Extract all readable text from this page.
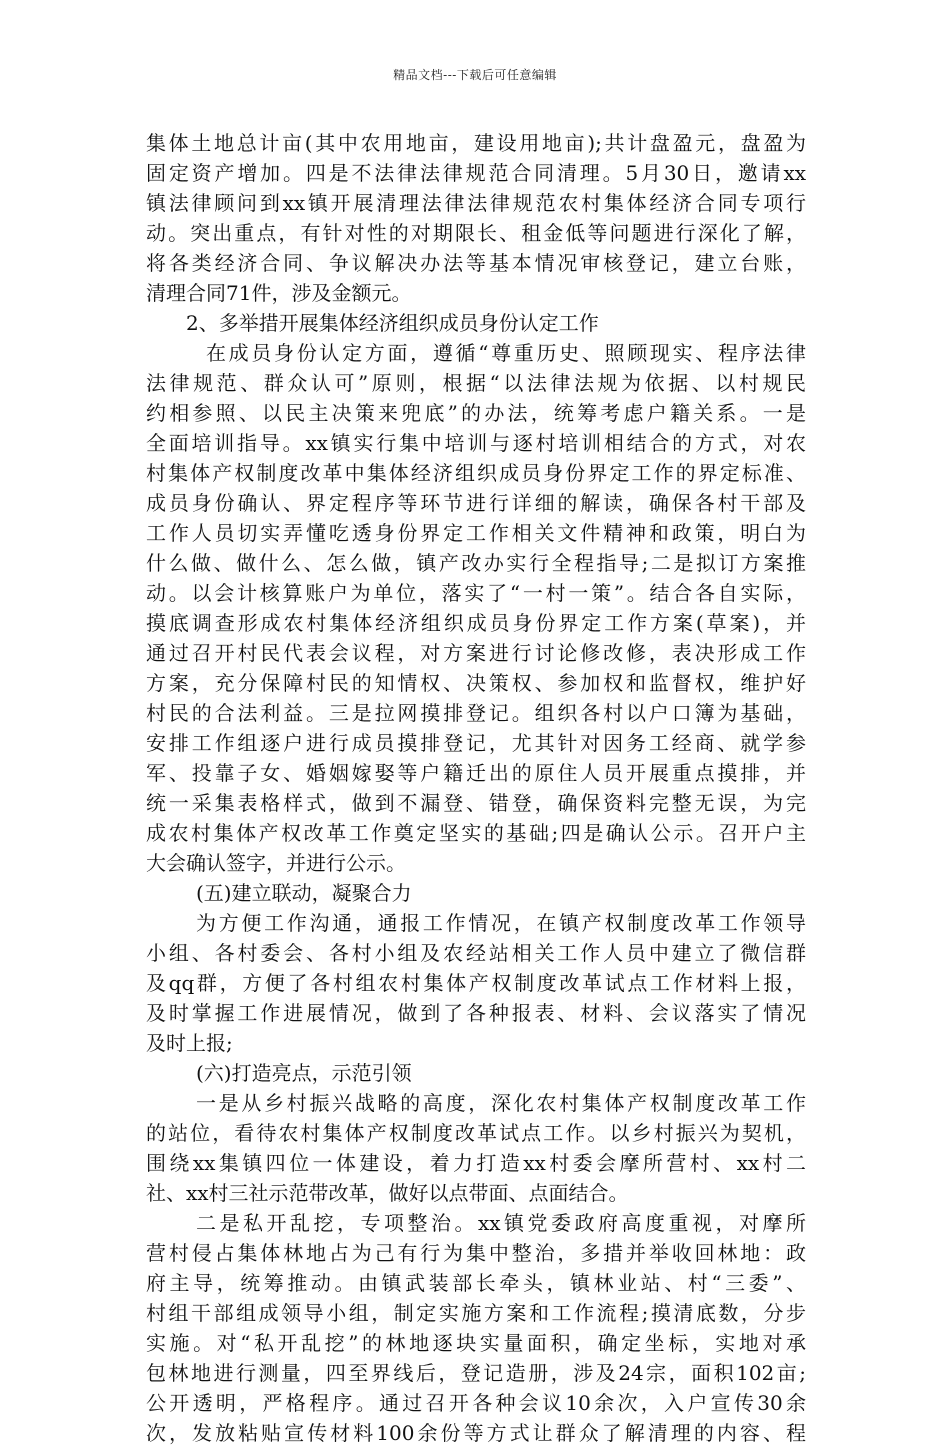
精品文档---下载后可任意编辑
集体土地总计亩(其中农用地亩，建设用地亩);共计盘盈元，盘盈为
固定资产增加。四是不法律法律规范合同清理。5月30日，邀请xx
镇法律顾问到xx镇开展清理法律法律规范农村集体经济合同专项行
动。突出重点，有针对性的对期限长、租金低等问题进行深化了解，
将各类经济合同、争议解决办法等基本情况审核登记，建立台账，
清理合同71件，涉及金额元。
2、多举措开展集体经济组织成员身份认定工作
在成员身份认定方面，遵循“尊重历史、照顾现实、程序法律
法律规范、群众认可”原则，根据“以法律法规为依据、以村规民
约相参照、以民主决策来兜底”的办法，统筹考虑户籍关系。一是
全面培训指导。xx镇实行集中培训与逐村培训相结合的方式，对农
村集体产权制度改革中集体经济组织成员身份界定工作的界定标准、
成员身份确认、界定程序等环节进行详细的解读，确保各村干部及
工作人员切实弄懂吃透身份界定工作相关文件精神和政策，明白为
什么做、做什么、怎么做，镇产改办实行全程指导;二是拟订方案推
动。以会计核算账户为单位，落实了“一村一策”。结合各自实际，
摸底调查形成农村集体经济组织成员身份界定工作方案(草案)，并
通过召开村民代表会议程，对方案进行讨论修改修，表决形成工作
方案，充分保障村民的知情权、决策权、参加权和监督权，维护好
村民的合法利益。三是拉网摸排登记。组织各村以户口簿为基础，
安排工作组逐户进行成员摸排登记，尤其针对因务工经商、就学参
军、投靠子女、婚姻嫁娶等户籍迁出的原住人员开展重点摸排，并
统一采集表格样式，做到不漏登、错登，确保资料完整无误，为完
成农村集体产权改革工作奠定坚实的基础;四是确认公示。召开户主
大会确认签字，并进行公示。
(五)建立联动，凝聚合力
为方便工作沟通，通报工作情况，在镇产权制度改革工作领导
小组、各村委会、各村小组及农经站相关工作人员中建立了微信群
及qq群，方便了各村组农村集体产权制度改革试点工作材料上报，
及时掌握工作进展情况，做到了各种报表、材料、会议落实了情况
及时上报;
(六)打造亮点，示范引领
一是从乡村振兴战略的高度，深化农村集体产权制度改革工作
的站位，看待农村集体产权制度改革试点工作。以乡村振兴为契机，
围绕xx集镇四位一体建设，着力打造xx村委会摩所营村、xx村二
社、xx村三社示范带改革，做好以点带面、点面结合。
二是私开乱挖，专项整治。xx镇党委政府高度重视，对摩所
营村侵占集体林地占为己有行为集中整治，多措并举收回林地：政
府主导，统筹推动。由镇武装部长牵头，镇林业站、村“三委”、
村组干部组成领导小组，制定实施方案和工作流程;摸清底数，分步
实施。对“私开乱挖”的林地逐块实量面积，确定坐标，实地对承
包林地进行测量，四至界线后，登记造册，涉及24宗，面积102亩;
公开透明，严格程序。通过召开各种会议10余次，入户宣传30余
次，发放粘贴宣传材料100余份等方式让群众了解清理的内容、程
